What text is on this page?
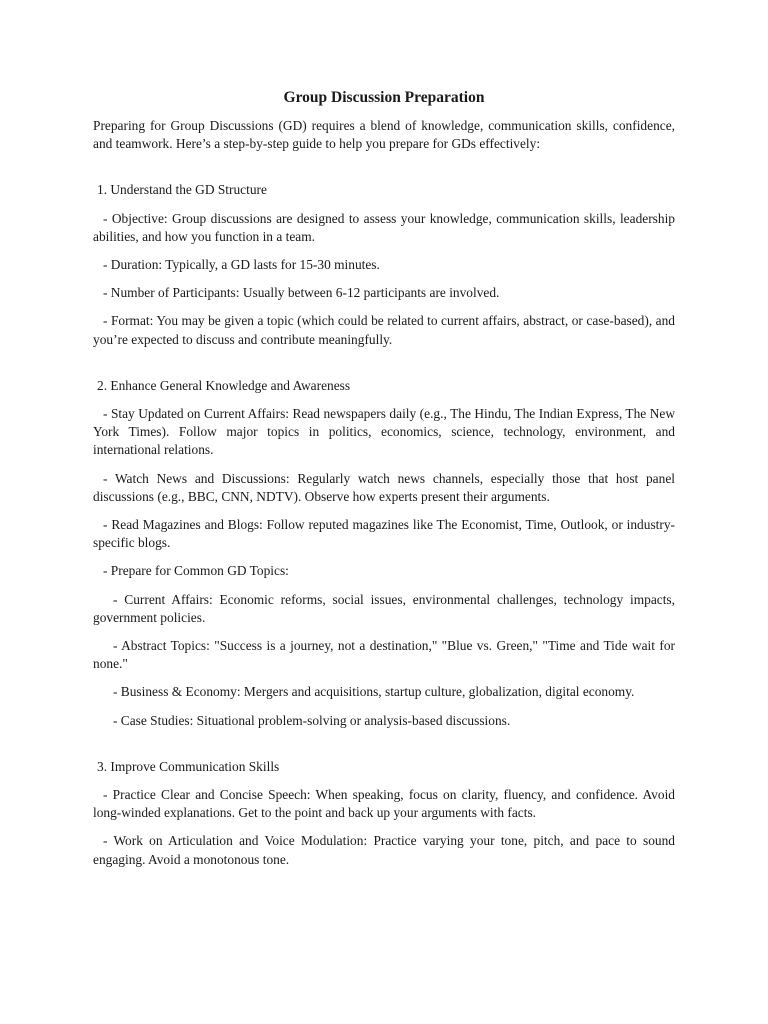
Group Discussion Preparation

Preparing for Group Discussions (GD) requires a blend of knowledge, communication skills, confidence, and teamwork. Here’s a step-by-step guide to help you prepare for GDs effectively:

1. Understand the GD Structure

- Objective: Group discussions are designed to assess your knowledge, communication skills, leadership abilities, and how you function in a team.

- Duration: Typically, a GD lasts for 15-30 minutes.

- Number of Participants: Usually between 6-12 participants are involved.

- Format: You may be given a topic (which could be related to current affairs, abstract, or case-based), and you’re expected to discuss and contribute meaningfully.

2. Enhance General Knowledge and Awareness

- Stay Updated on Current Affairs: Read newspapers daily (e.g., The Hindu, The Indian Express, The New York Times). Follow major topics in politics, economics, science, technology, environment, and international relations.

- Watch News and Discussions: Regularly watch news channels, especially those that host panel discussions (e.g., BBC, CNN, NDTV). Observe how experts present their arguments.

- Read Magazines and Blogs: Follow reputed magazines like The Economist, Time, Outlook, or industry-specific blogs.

- Prepare for Common GD Topics:

- Current Affairs: Economic reforms, social issues, environmental challenges, technology impacts, government policies.

- Abstract Topics: "Success is a journey, not a destination," "Blue vs. Green," "Time and Tide wait for none."

- Business & Economy: Mergers and acquisitions, startup culture, globalization, digital economy.

- Case Studies: Situational problem-solving or analysis-based discussions.

3. Improve Communication Skills

- Practice Clear and Concise Speech: When speaking, focus on clarity, fluency, and confidence. Avoid long-winded explanations. Get to the point and back up your arguments with facts.

- Work on Articulation and Voice Modulation: Practice varying your tone, pitch, and pace to sound engaging. Avoid a monotonous tone.
